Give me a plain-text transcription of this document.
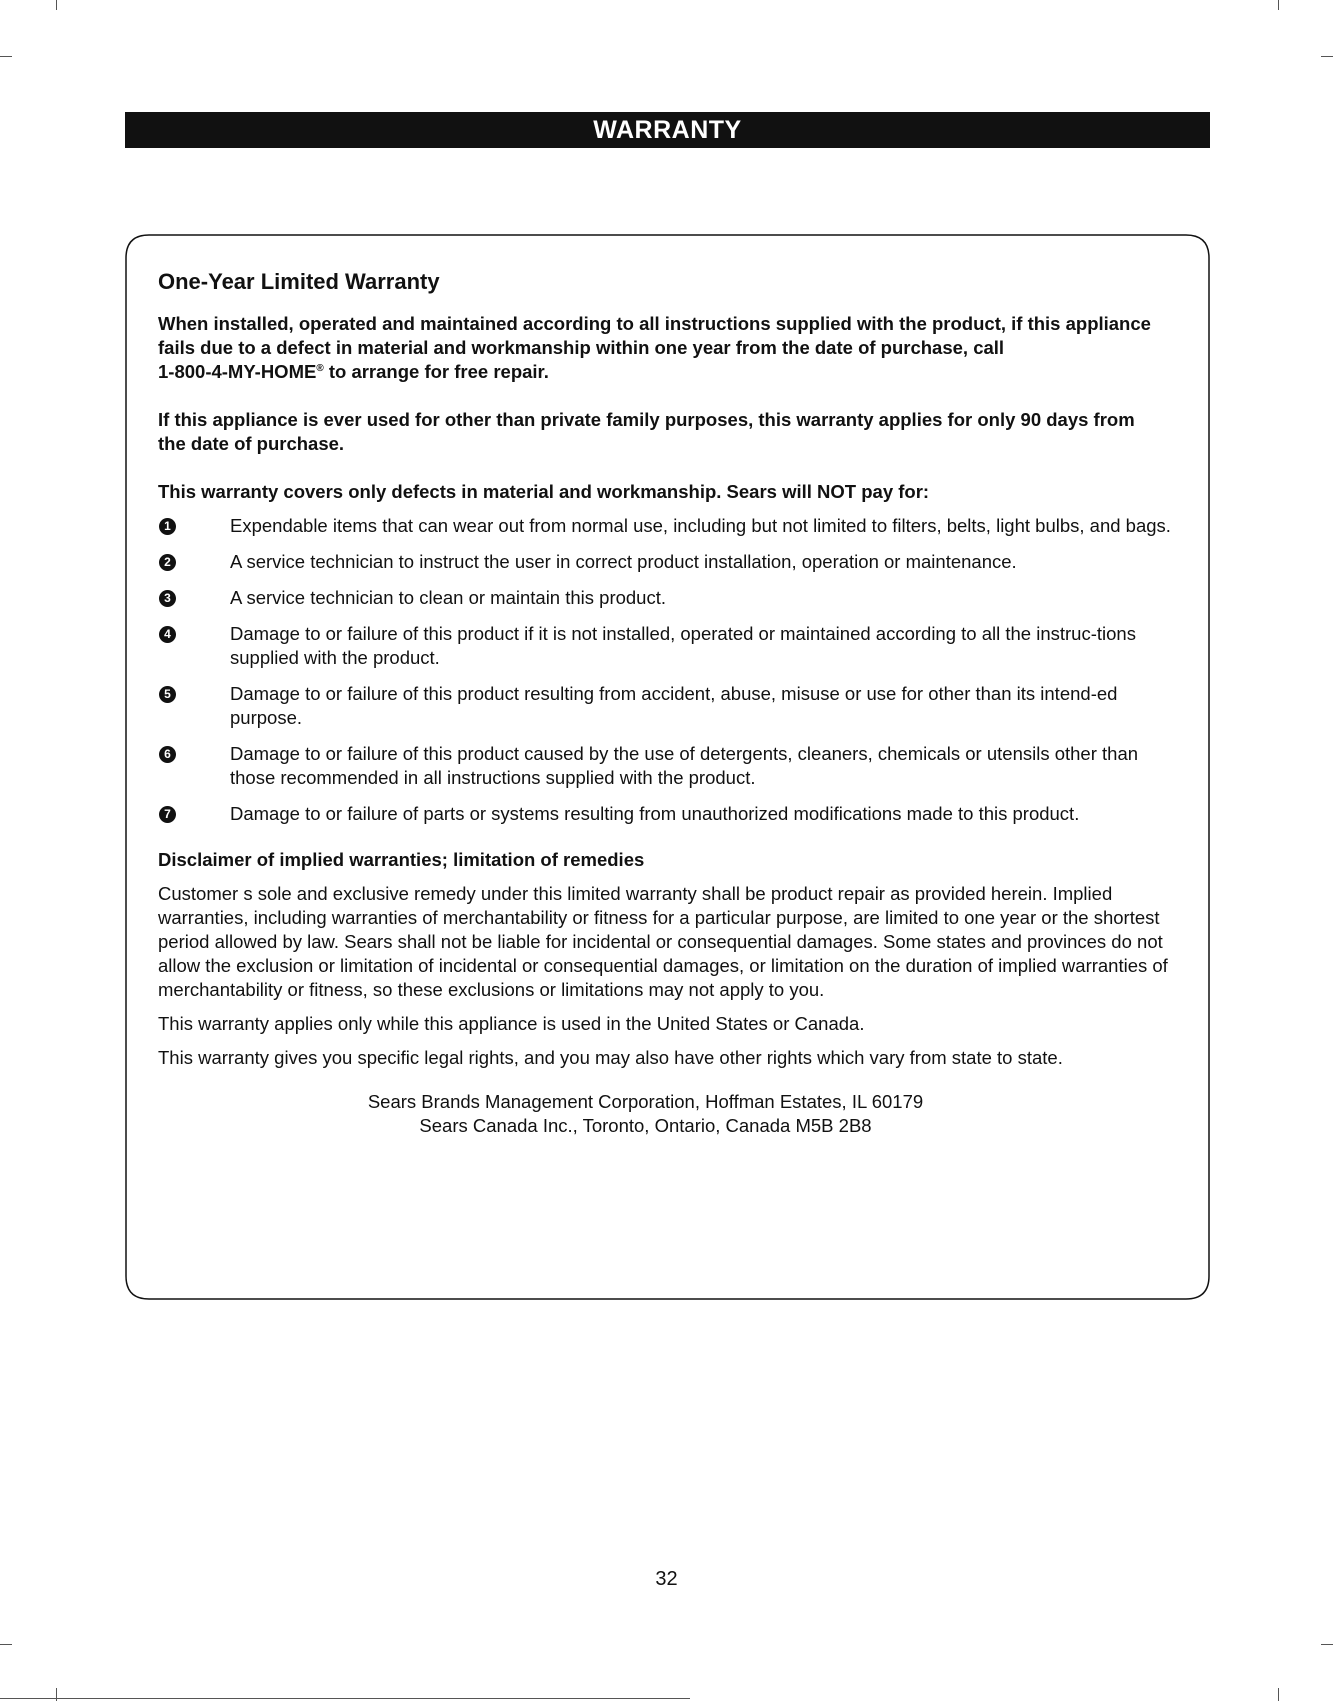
WARRANTY
One-Year Limited Warranty
When installed, operated and maintained according to all instructions supplied with the product, if this appliance fails due to a defect in material and workmanship within one year from the date of purchase, call
1-800-4-MY-HOME® to arrange for free repair.
If this appliance is ever used for other than private family purposes, this warranty applies for only 90 days from
the date of purchase.
This warranty covers only defects in material and workmanship. Sears will NOT pay for:
1	Expendable items that can wear out from normal use, including but not limited to filters, belts, light bulbs, and bags.
2	A service technician to instruct the user in correct product installation, operation or maintenance.
3	A service technician to clean or maintain this product.
4	Damage to or failure of this product if it is not installed, operated or maintained according to all the instruc-tions supplied with the product.
5	Damage to or failure of this product resulting from accident, abuse, misuse or use for other than its intend-ed purpose.
6	Damage to or failure of this product caused by the use of detergents, cleaners, chemicals or utensils other than those recommended in all instructions supplied with the product.
7	Damage to or failure of parts or systems resulting from unauthorized modifications made to this product.
Disclaimer of implied warranties; limitation of remedies
Customer s sole and exclusive remedy under this limited warranty shall be product repair as provided herein. Implied warranties, including warranties of merchantability or fitness for a particular purpose, are limited to one year or the shortest period allowed by law. Sears shall not be liable for incidental or consequential damages. Some states and provinces do not allow the exclusion or limitation of incidental or consequential damages, or limitation on the duration of implied warranties of merchantability or fitness, so these exclusions or limitations may not apply to you.
This warranty applies only while this appliance is used in the United States or Canada.
This warranty gives you specific legal rights, and you may also have other rights which vary from state to state.
Sears Brands Management Corporation, Hoffman Estates, IL 60179
Sears Canada Inc., Toronto, Ontario, Canada M5B 2B8
32
